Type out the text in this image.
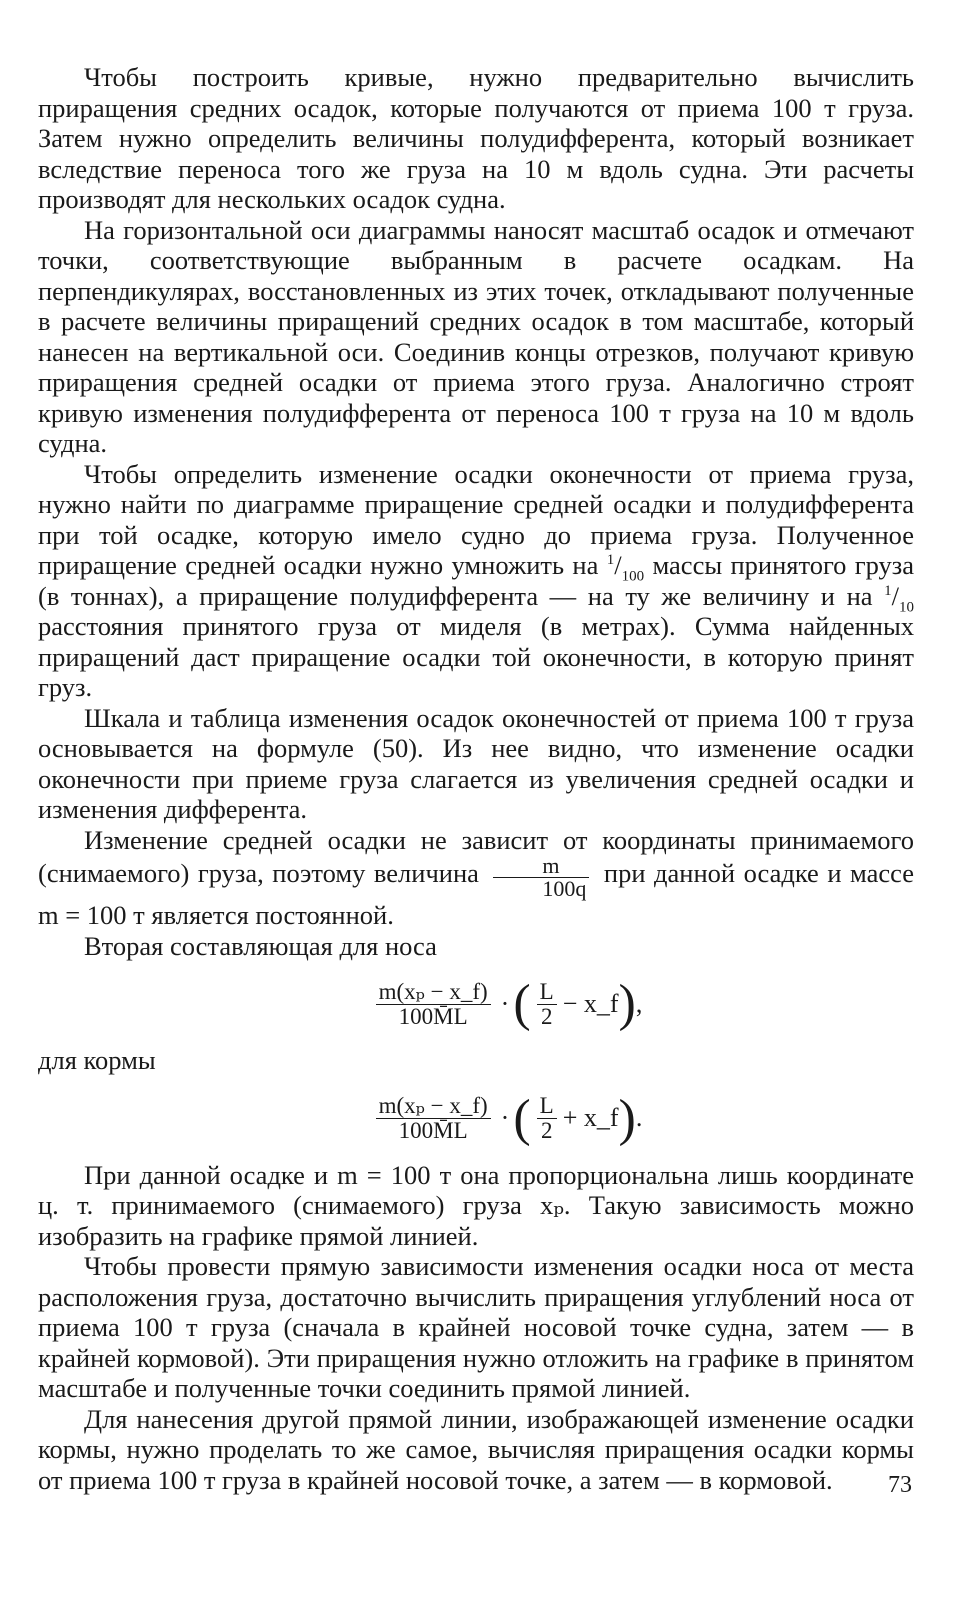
Чтобы построить кривые, нужно предварительно вычислить приращения средних осадок, которые получаются от приема 100 т груза. Затем нужно определить величины полудифферента, который возникает вследствие переноса того же груза на 10 м вдоль судна. Эти расчеты производят для нескольких осадок судна.

На горизонтальной оси диаграммы наносят масштаб осадок и отмечают точки, соответствующие выбранным в расчете осадкам. На перпендикулярах, восстановленных из этих точек, откладывают полученные в расчете величины приращений средних осадок в том масштабе, который нанесен на вертикальной оси. Соединив концы отрезков, получают кривую приращения средней осадки от приема этого груза. Аналогично строят кривую изменения полудифферента от переноса 100 т груза на 10 м вдоль судна.

Чтобы определить изменение осадки оконечности от приема груза, нужно найти по диаграмме приращение средней осадки и полудифферента при той осадке, которую имело судно до приема груза. Полученное приращение средней осадки нужно умножить на $^1/_{100}$ массы принятого груза (в тоннах), а приращение полудифферента — на ту же величину и на $^1/_{10}$ расстояния принятого груза от миделя (в метрах). Сумма найденных приращений даст приращение осадки той оконечности, в которую принят груз.

Шкала и таблица изменения осадок оконечностей от приема 100 т груза основывается на формуле (50). Из нее видно, что изменение осадки оконечности при приеме груза слагается из увеличения средней осадки и изменения дифферента.

Изменение средней осадки не зависит от координаты принимаемого (снимаемого) груза, поэтому величина $\frac{m}{100q}$ при данной осадке и массе m = 100 т является постоянной.

Вторая составляющая для носа

$\frac{\text{m(xₚ − x\_f)}}{100M̄L}$ · ( $\frac{L}{2}$ − x_f ) ,

для кормы

$\frac{\text{m(xₚ − x\_f)}}{100M̄L}$ · ( $\frac{L}{2}$ + x_f ) .

При данной осадке и m = 100 т она пропорциональна лишь координате ц. т. принимаемого (снимаемого) груза xₚ. Такую зависимость можно изобразить на графике прямой линией.

Чтобы провести прямую зависимости изменения осадки носа от места расположения груза, достаточно вычислить приращения углублений носа от приема 100 т груза (сначала в крайней носовой точке судна, затем — в крайней кормовой). Эти приращения нужно отложить на графике в принятом масштабе и полученные точки соединить прямой линией.

Для нанесения другой прямой линии, изображающей изменение осадки кормы, нужно проделать то же самое, вычисляя приращения осадки кормы от приема 100 т груза в крайней носовой точке, а затем — в кормовой.	73
